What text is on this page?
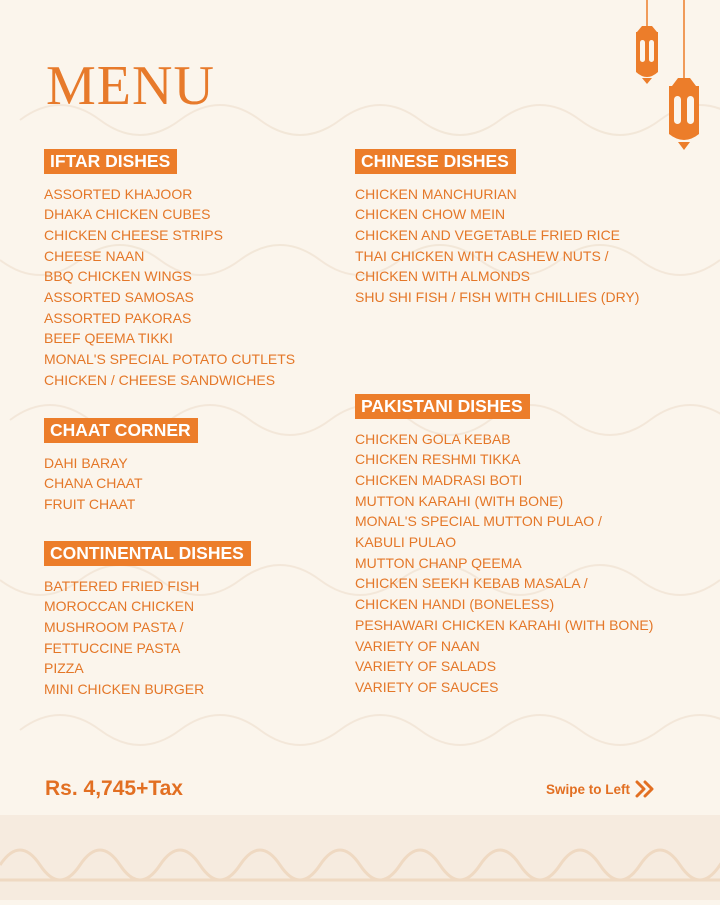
MENU
IFTAR DISHES
ASSORTED KHAJOOR
DHAKA CHICKEN CUBES
CHICKEN CHEESE STRIPS
CHEESE NAAN
BBQ CHICKEN WINGS
ASSORTED SAMOSAS
ASSORTED PAKORAS
BEEF QEEMA TIKKI
MONAL'S SPECIAL POTATO CUTLETS
CHICKEN / CHEESE SANDWICHES
CHAAT CORNER
DAHI BARAY
CHANA CHAAT
FRUIT CHAAT
CONTINENTAL DISHES
BATTERED FRIED FISH
MOROCCAN CHICKEN
MUSHROOM PASTA /
FETTUCCINE PASTA
PIZZA
MINI CHICKEN BURGER
CHINESE DISHES
CHICKEN MANCHURIAN
CHICKEN CHOW MEIN
CHICKEN AND VEGETABLE FRIED RICE
THAI CHICKEN WITH CASHEW NUTS /
CHICKEN WITH ALMONDS
SHU SHI FISH / FISH WITH CHILLIES (DRY)
PAKISTANI DISHES
CHICKEN GOLA KEBAB
CHICKEN RESHMI TIKKA
CHICKEN MADRASI BOTI
MUTTON KARAHI (WITH BONE)
MONAL'S SPECIAL MUTTON PULAO /
KABULI PULAO
MUTTON CHANP QEEMA
CHICKEN SEEKH KEBAB MASALA /
CHICKEN HANDI (BONELESS)
PESHAWARI CHICKEN KARAHI (WITH BONE)
VARIETY OF NAAN
VARIETY OF SALADS
VARIETY OF SAUCES
Rs. 4,745+Tax	Swipe to Left
